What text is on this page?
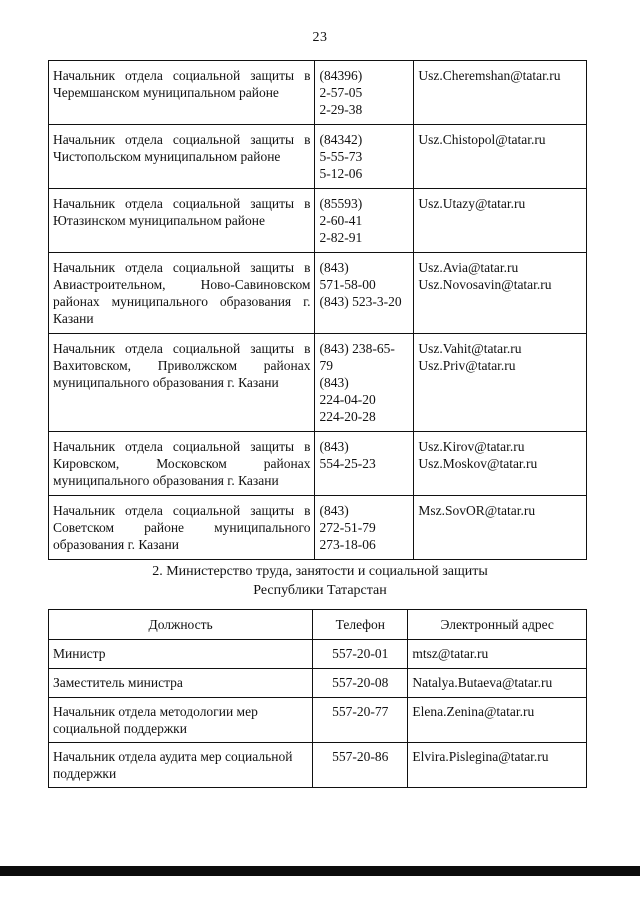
23
Начальник отдела социальной защиты в Черемшанском муниципальном районе	(84396)
2-57-05
2-29-38	Usz.Cheremshan@tatar.ru

Начальник отдела социальной защиты в Чистопольском муниципальном районе	(84342)
5-55-73
5-12-06	Usz.Chistopol@tatar.ru

Начальник отдела социальной защиты в Ютазинском муниципальном районе	(85593)
2-60-41
2-82-91	Usz.Utazy@tatar.ru

Начальник отдела социальной защиты в Авиастроительном, Ново-Савиновском районах муниципального образования г. Казани	(843)
571-58-00
(843) 523-3-20	Usz.Avia@tatar.ru
Usz.Novosavin@tatar.ru

Начальник отдела социальной защиты в Вахитовском, Приволжском районах муниципального образования г. Казани	(843) 238-65-
79
(843)
224-04-20
224-20-28	Usz.Vahit@tatar.ru
Usz.Priv@tatar.ru

Начальник отдела социальной защиты в Кировском, Московском районах муниципального образования г. Казани	(843)
554-25-23	Usz.Kirov@tatar.ru
Usz.Moskov@tatar.ru

Начальник отдела социальной защиты в Советском районе муниципального образования г. Казани	(843)
272-51-79
273-18-06	Msz.SovOR@tatar.ru
2. Министерство труда, занятости и социальной защиты
Республики Татарстан
Должность	Телефон	Электронный адрес
Министр	557-20-01	mtsz@tatar.ru
Заместитель министра	557-20-08	Natalya.Butaeva@tatar.ru
Начальник отдела методологии мер социальной поддержки	557-20-77	Elena.Zenina@tatar.ru
Начальник отдела аудита мер социальной поддержки	557-20-86	Elvira.Pislegina@tatar.ru
